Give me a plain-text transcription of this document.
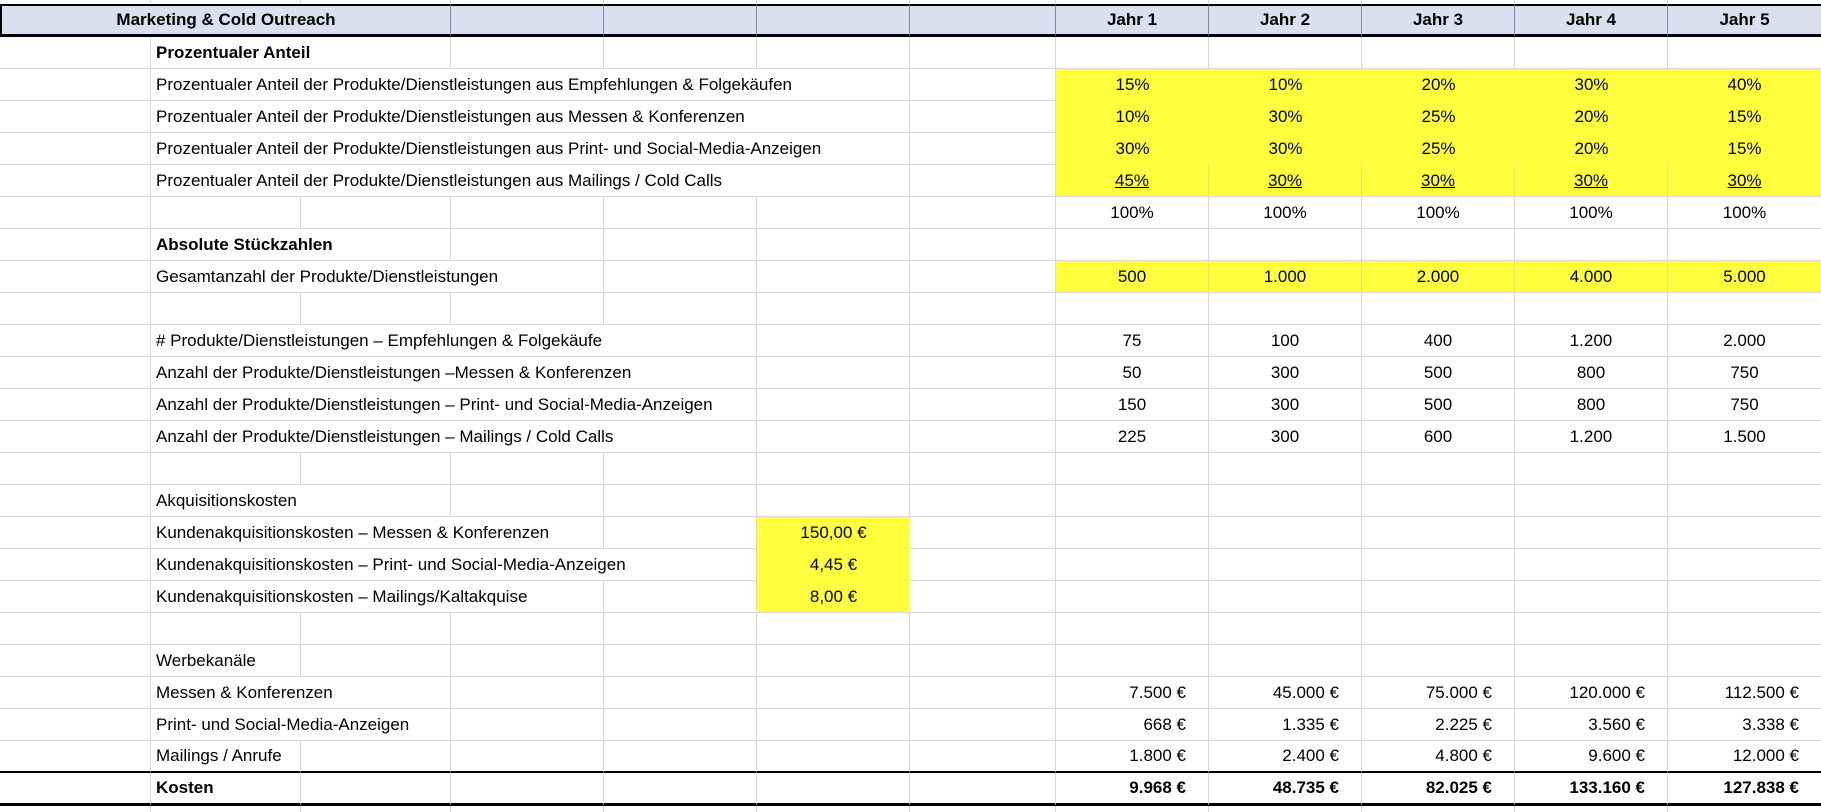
Marketing & Cold Outreach							Jahr 1	Jahr 2	Jahr 3	Jahr 4	Jahr 5
	Prozentualer Anteil										
	Prozentualer Anteil der Produkte/Dienstleistungen aus Empfehlungen & Folgekäufen						15%	10%	20%	30%	40%
	Prozentualer Anteil der Produkte/Dienstleistungen aus Messen & Konferenzen						10%	30%	25%	20%	15%
	Prozentualer Anteil der Produkte/Dienstleistungen aus Print- und Social-Media-Anzeigen						30%	30%	25%	20%	15%
	Prozentualer Anteil der Produkte/Dienstleistungen aus Mailings / Cold Calls						45%	30%	30%	30%	30%
							100%	100%	100%	100%	100%
	Absolute Stückzahlen										
	Gesamtanzahl der Produkte/Dienstleistungen						500	1.000	2.000	4.000	5.000

	# Produkte/Dienstleistungen – Empfehlungen & Folgekäufe						75	100	400	1.200	2.000
	Anzahl der Produkte/Dienstleistungen –Messen & Konferenzen						50	300	500	800	750
	Anzahl der Produkte/Dienstleistungen – Print- und Social-Media-Anzeigen						150	300	500	800	750
	Anzahl der Produkte/Dienstleistungen – Mailings / Cold Calls						225	300	600	1.200	1.500

	Akquisitionskosten										
	Kundenakquisitionskosten – Messen & Konferenzen				150,00 €						
	Kundenakquisitionskosten – Print- und Social-Media-Anzeigen				4,45 €						
	Kundenakquisitionskosten – Mailings/Kaltakquise				8,00 €						

	Werbekanäle										
	Messen & Konferenzen						7.500 €	45.000 €	75.000 €	120.000 €	112.500 €
	Print- und Social-Media-Anzeigen						668 €	1.335 €	2.225 €	3.560 €	3.338 €
	Mailings / Anrufe						1.800 €	2.400 €	4.800 €	9.600 €	12.000 €
	Kosten						9.968 €	48.735 €	82.025 €	133.160 €	127.838 €
